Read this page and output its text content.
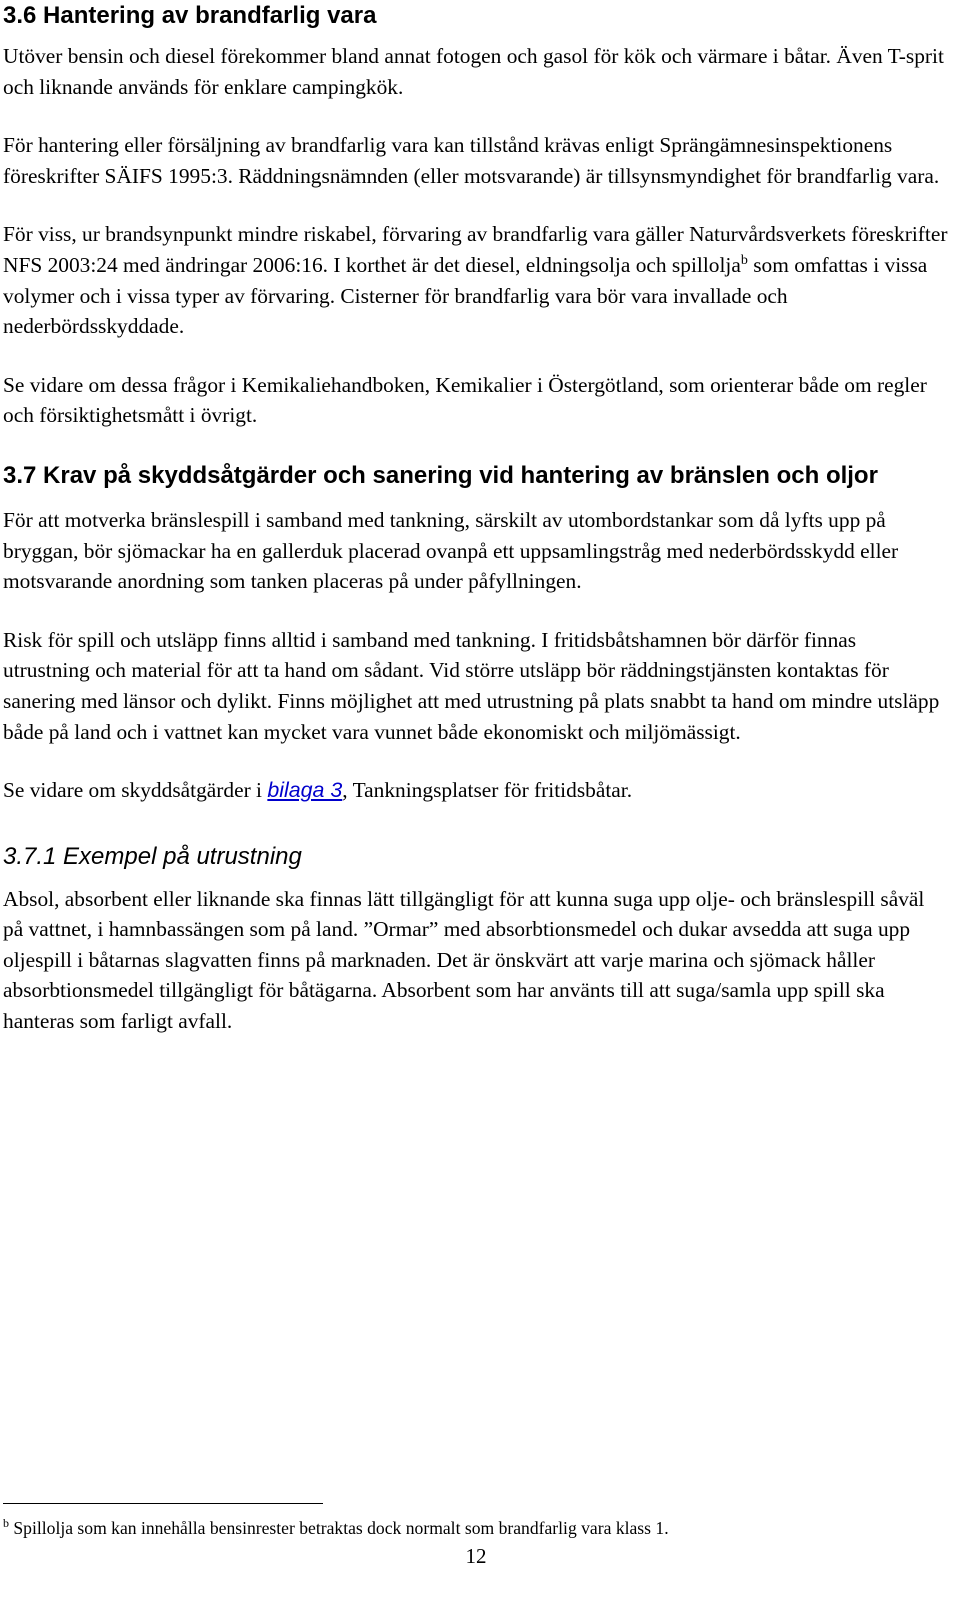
3.6 Hantering av brandfarlig vara

Utöver bensin och diesel förekommer bland annat fotogen och gasol för kök och värmare i båtar. Även T-sprit och liknande används för enklare campingkök.

För hantering eller försäljning av brandfarlig vara kan tillstånd krävas enligt Sprängämnesinspektionens föreskrifter SÄIFS 1995:3. Räddningsnämnden (eller motsvarande) är tillsynsmyndighet för brandfarlig vara.

För viss, ur brandsynpunkt mindre riskabel, förvaring av brandfarlig vara gäller Naturvårdsverkets föreskrifter NFS 2003:24 med ändringar 2006:16. I korthet är det diesel, eldningsolja och spillolja$^b$ som omfattas i vissa volymer och i vissa typer av förvaring. Cisterner för brandfarlig vara bör vara invallade och nederbördsskyddade.

Se vidare om dessa frågor i Kemikaliehandboken, Kemikalier i Östergötland, som orienterar både om regler och försiktighetsmått i övrigt.

3.7 Krav på skyddsåtgärder och sanering vid hantering av bränslen och oljor

För att motverka bränslespill i samband med tankning, särskilt av utombordstankar som då lyfts upp på bryggan, bör sjömackar ha en gallerduk placerad ovanpå ett uppsamlingstråg med nederbördsskydd eller motsvarande anordning som tanken placeras på under påfyllningen.

Risk för spill och utsläpp finns alltid i samband med tankning. I fritidsbåtshamnen bör därför finnas utrustning och material för att ta hand om sådant. Vid större utsläpp bör räddningstjänsten kontaktas för sanering med länsor och dylikt. Finns möjlighet att med utrustning på plats snabbt ta hand om mindre utsläpp både på land och i vattnet kan mycket vara vunnet både ekonomiskt och miljömässigt.

Se vidare om skyddsåtgärder i bilaga 3, Tankningsplatser för fritidsbåtar.

3.7.1 Exempel på utrustning

Absol, absorbent eller liknande ska finnas lätt tillgängligt för att kunna suga upp olje- och bränslespill såväl på vattnet, i hamnbassängen som på land. ”Ormar” med absorbtionsmedel och dukar avsedda att suga upp oljespill i båtarnas slagvatten finns på marknaden. Det är önskvärt att varje marina och sjömack håller absorbtionsmedel tillgängligt för båtägarna. Absorbent som har använts till att suga/samla upp spill ska hanteras som farligt avfall.

$^b$ Spillolja som kan innehålla bensinrester betraktas dock normalt som brandfarlig vara klass 1.
12
